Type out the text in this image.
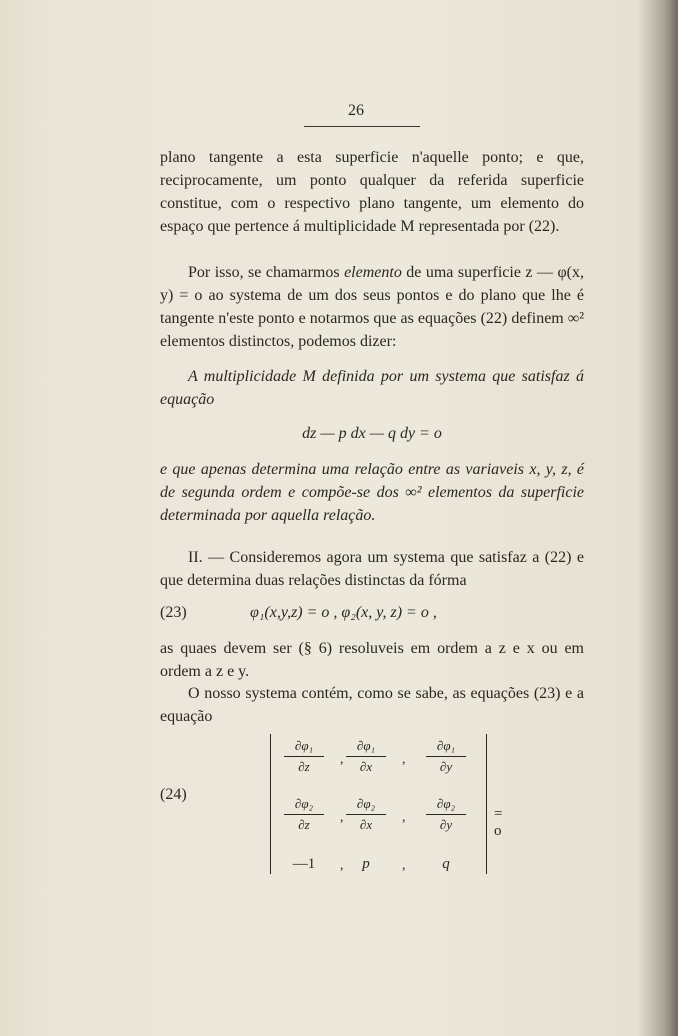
26

plano tangente a esta superficie n'aquelle ponto; e que, reciprocamente, um ponto qualquer da referida superficie constitue, com o respectivo plano tangente, um elemento do espaço que pertence á multiplicidade M representada por (22).

Por isso, se chamarmos elemento de uma superficie z — φ(x, y) = o ao systema de um dos seus pontos e do plano que lhe é tangente n'este ponto e notarmos que as equações (22) definem ∞² elementos distinctos, podemos dizer:

A multiplicidade M definida por um systema que satisfaz á equação

dz — p dx — q dy = o

e que apenas determina uma relação entre as variaveis x, y, z, é de segunda ordem e compõe-se dos ∞² elementos da superficie determinada por aquella relação.

II. — Consideremos agora um systema que satisfaz a (22) e que determina duas relações distinctas da fórma

(23)	φ₁(x,y,z) = o , φ₂(x, y, z) = o ,

as quaes devem ser (§ 6) resoluveis em ordem a z e x ou em ordem a z e y.

O nosso systema contém, como se sabe, as equações (23) e a equação

(24)
$\frac{\text{∂φ₁}}{\partial z}$ , $\frac{\text{∂φ₁}}{\partial x}$ , $\frac{\text{∂φ₁}}{\partial y}$
$\frac{\text{∂φ₂}}{\partial z}$ , $\frac{\text{∂φ₂}}{\partial x}$ , $\frac{\text{∂φ₂}}{\partial y}$
—1	,	p	,	q
= o
